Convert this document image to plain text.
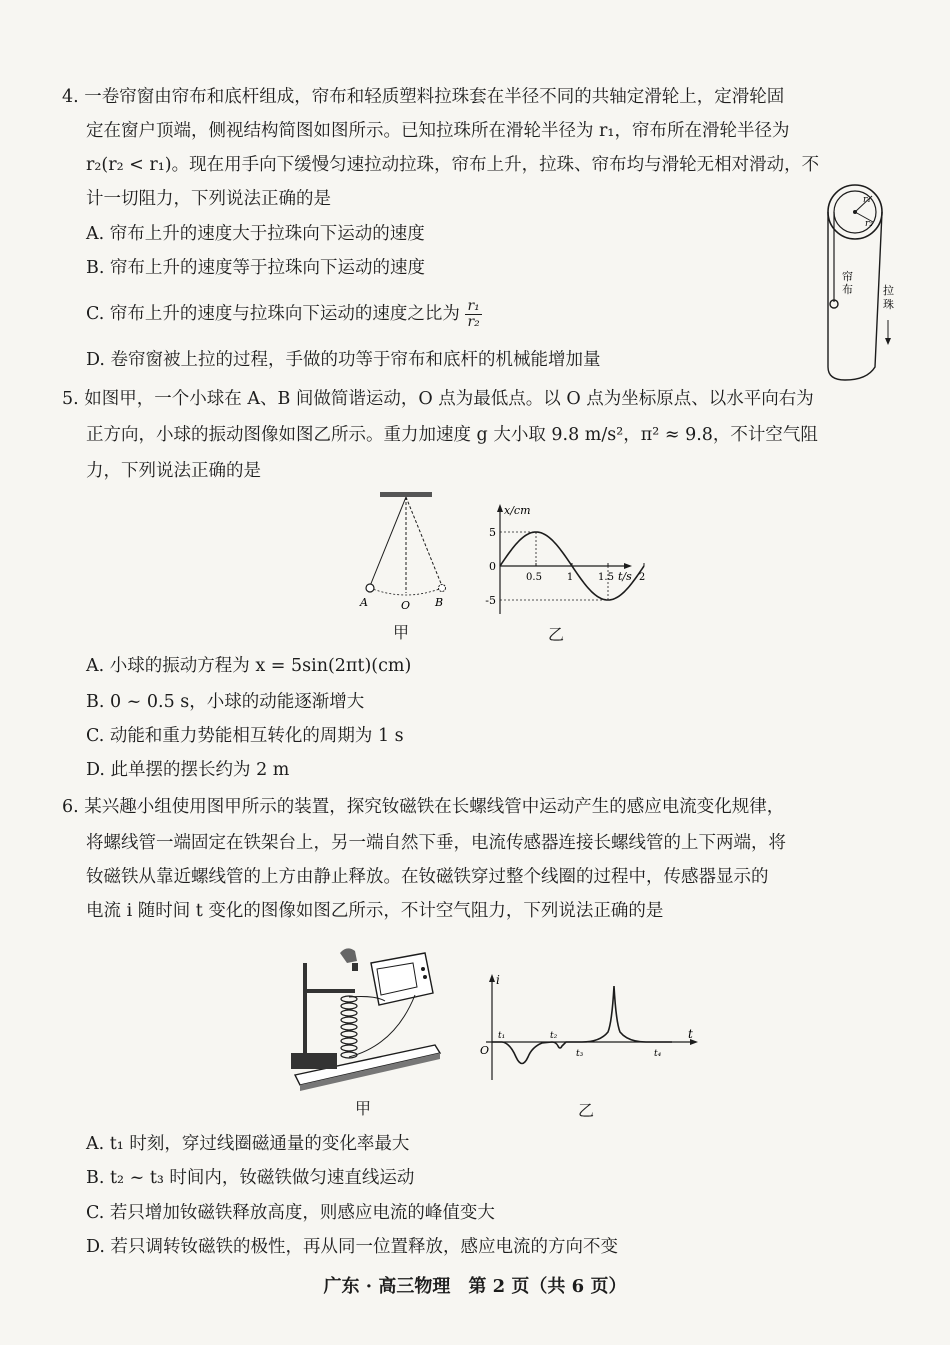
4. 一卷帘窗由帘布和底杆组成，帘布和轻质塑料拉珠套在半径不同的共轴定滑轮上，定滑轮固
定在窗户顶端，侧视结构简图如图所示。已知拉珠所在滑轮半径为 r₁，帘布所在滑轮半径为
r₂(r₂ < r₁)。现在用手向下缓慢匀速拉动拉珠，帘布上升，拉珠、帘布均与滑轮无相对滑动，不
计一切阻力，下列说法正确的是
A. 帘布上升的速度大于拉珠向下运动的速度
B. 帘布上升的速度等于拉珠向下运动的速度
C. 帘布上升的速度与拉珠向下运动的速度之比为 $\frac{\text{r₁}}{\text{r₂}}$
D. 卷帘窗被上拉的过程，手做的功等于帘布和底杆的机械能增加量
r₁
r₂
帘布	拉珠
5. 如图甲，一个小球在 A、B 间做简谐运动，O 点为最低点。以 O 点为坐标原点、以水平向右为
正方向，小球的振动图像如图乙所示。重力加速度 g 大小取 9.8 m/s²，π² ≈ 9.8，不计空气阻
力，下列说法正确的是
A	O B
甲
x/cm
t/s
5
0
-5
0.5 1 1.5 2
乙
A. 小球的振动方程为 x = 5sin(2πt)(cm)
B. 0 ~ 0.5 s，小球的动能逐渐增大
C. 动能和重力势能相互转化的周期为 1 s
D. 此单摆的摆长约为 2 m
6. 某兴趣小组使用图甲所示的装置，探究钕磁铁在长螺线管中运动产生的感应电流变化规律，
将螺线管一端固定在铁架台上，另一端自然下垂，电流传感器连接长螺线管的上下两端，将
钕磁铁从靠近螺线管的上方由静止释放。在钕磁铁穿过整个线圈的过程中，传感器显示的
电流 i 随时间 t 变化的图像如图乙所示，不计空气阻力，下列说法正确的是
甲
i
t
O
t₁	t₂
t₃	t₄
乙
A. t₁ 时刻，穿过线圈磁通量的变化率最大
B. t₂ ~ t₃ 时间内，钕磁铁做匀速直线运动
C. 若只增加钕磁铁释放高度，则感应电流的峰值变大
D. 若只调转钕磁铁的极性，再从同一位置释放，感应电流的方向不变
广东 · 高三物理　第 2 页（共 6 页）
